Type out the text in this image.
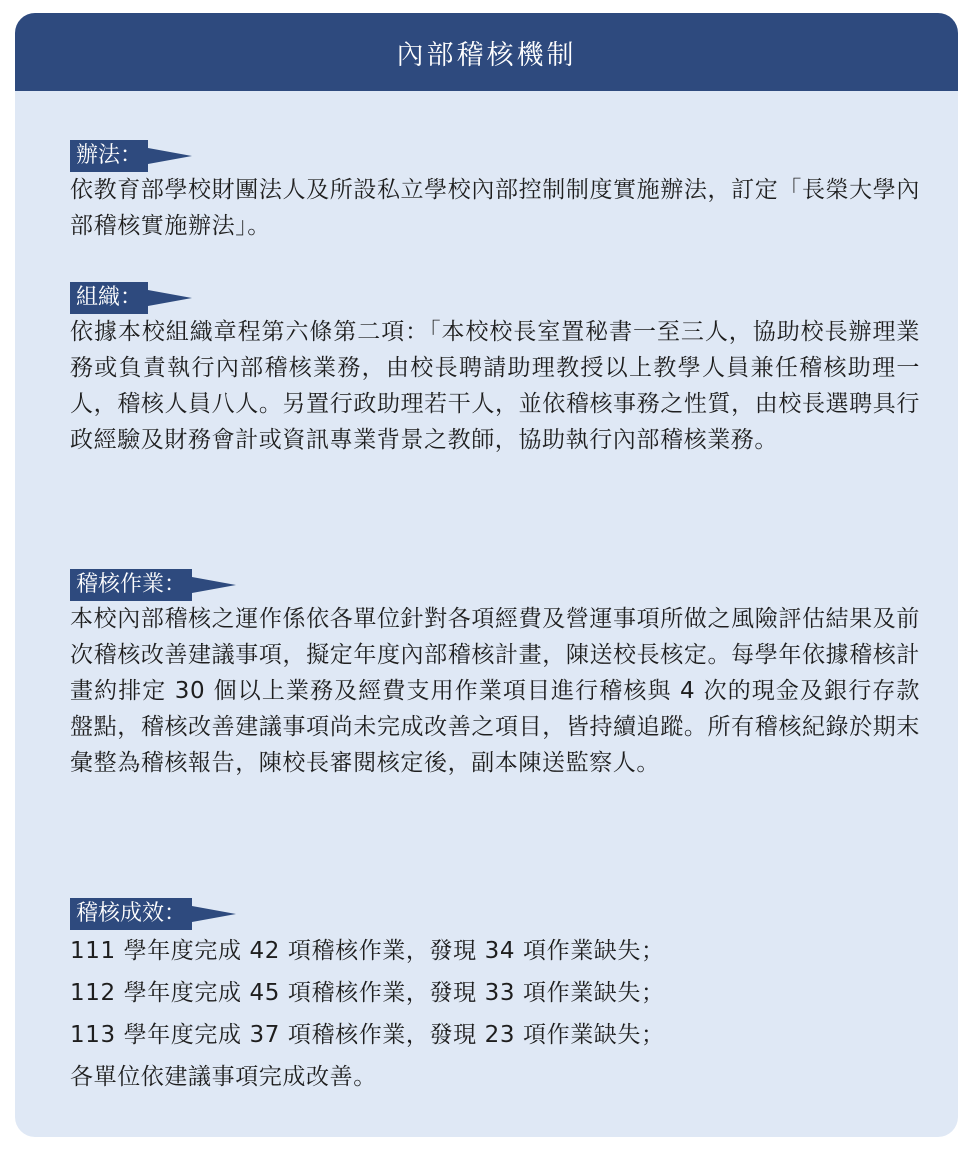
內部稽核機制
辦法：

依教育部學校財團法人及所設私立學校內部控制制度實施辦法，訂定「長榮大學內部稽核實施辦法」。

組織：

依據本校組織章程第六條第二項：「本校校長室置秘書一至三人，協助校長辦理業務或負責執行內部稽核業務，由校長聘請助理教授以上教學人員兼任稽核助理一人，稽核人員八人。另置行政助理若干人，並依稽核事務之性質，由校長選聘具行政經驗及財務會計或資訊專業背景之教師，協助執行內部稽核業務。

稽核作業：

本校內部稽核之運作係依各單位針對各項經費及營運事項所做之風險評估結果及前次稽核改善建議事項，擬定年度內部稽核計畫，陳送校長核定。每學年依據稽核計畫約排定 30 個以上業務及經費支用作業項目進行稽核與 4 次的現金及銀行存款盤點，稽核改善建議事項尚未完成改善之項目，皆持續追蹤。所有稽核紀錄於期末彙整為稽核報告，陳校長審閱核定後，副本陳送監察人。

稽核成效：

111 學年度完成 42 項稽核作業，發現 34 項作業缺失；

112 學年度完成 45 項稽核作業，發現 33 項作業缺失；

113 學年度完成 37 項稽核作業，發現 23 項作業缺失；

各單位依建議事項完成改善。
